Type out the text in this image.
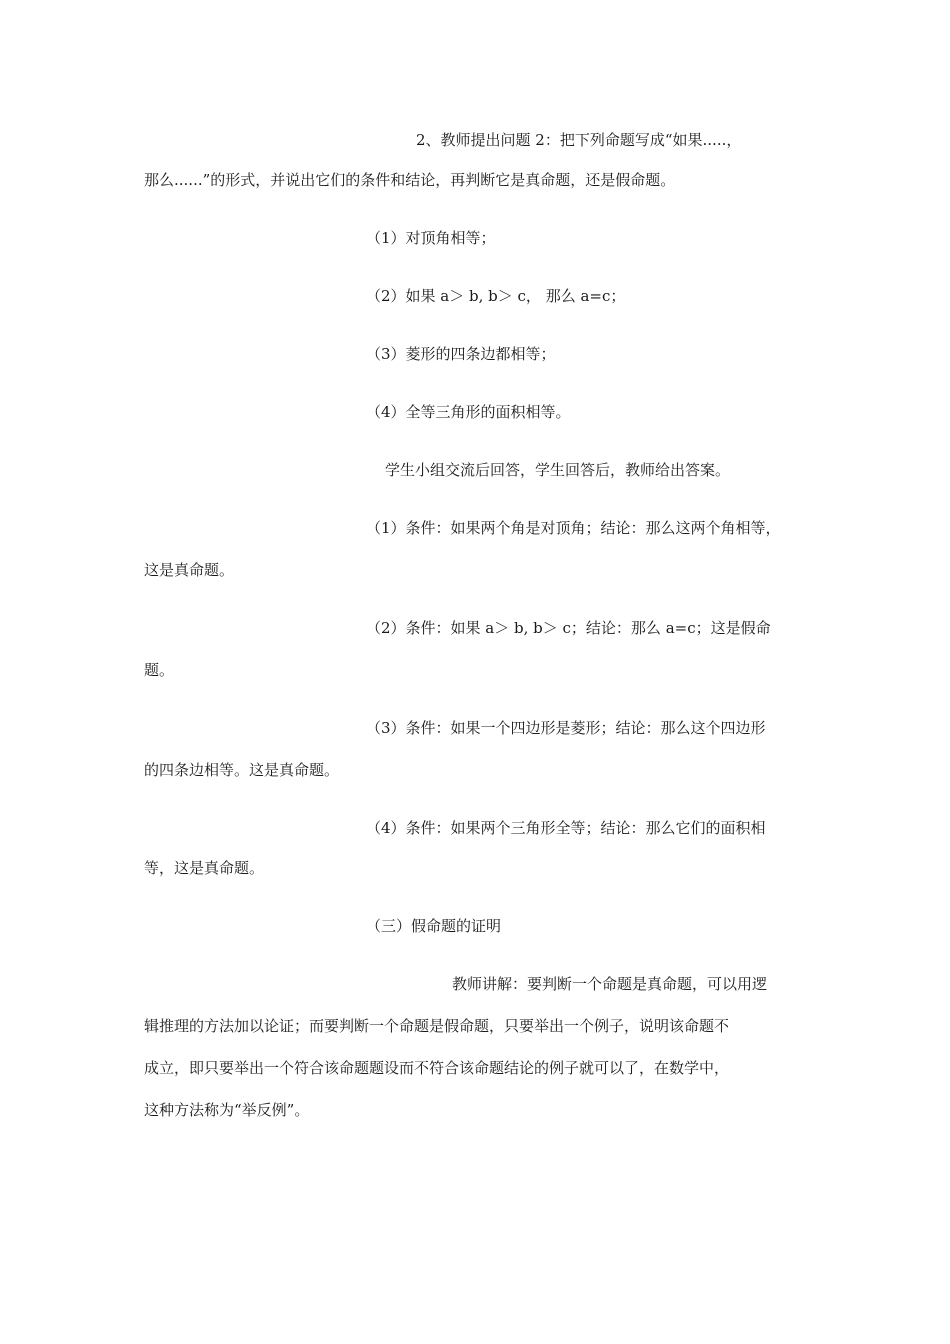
2、教师提出问题 2：把下列命题写成“如果.....，
那么......”的形式，并说出它们的条件和结论，再判断它是真命题，还是假命题。
（1）对顶角相等；
（2）如果 a＞ b, b＞ c， 那么 a=c；
（3）菱形的四条边都相等；
（4）全等三角形的面积相等。
学生小组交流后回答，学生回答后，教师给出答案。
（1）条件：如果两个角是对顶角；结论：那么这两个角相等，
这是真命题。
（2）条件：如果 a＞ b, b＞ c；结论：那么 a=c；这是假命
题。
（3）条件：如果一个四边形是菱形；结论：那么这个四边形
的四条边相等。这是真命题。
（4）条件：如果两个三角形全等；结论：那么它们的面积相
等，这是真命题。
（三）假命题的证明
教师讲解：要判断一个命题是真命题，可以用逻
辑推理的方法加以论证；而要判断一个命题是假命题，只要举出一个例子，说明该命题不
成立，即只要举出一个符合该命题题设而不符合该命题结论的例子就可以了，在数学中，
这种方法称为“举反例”。
